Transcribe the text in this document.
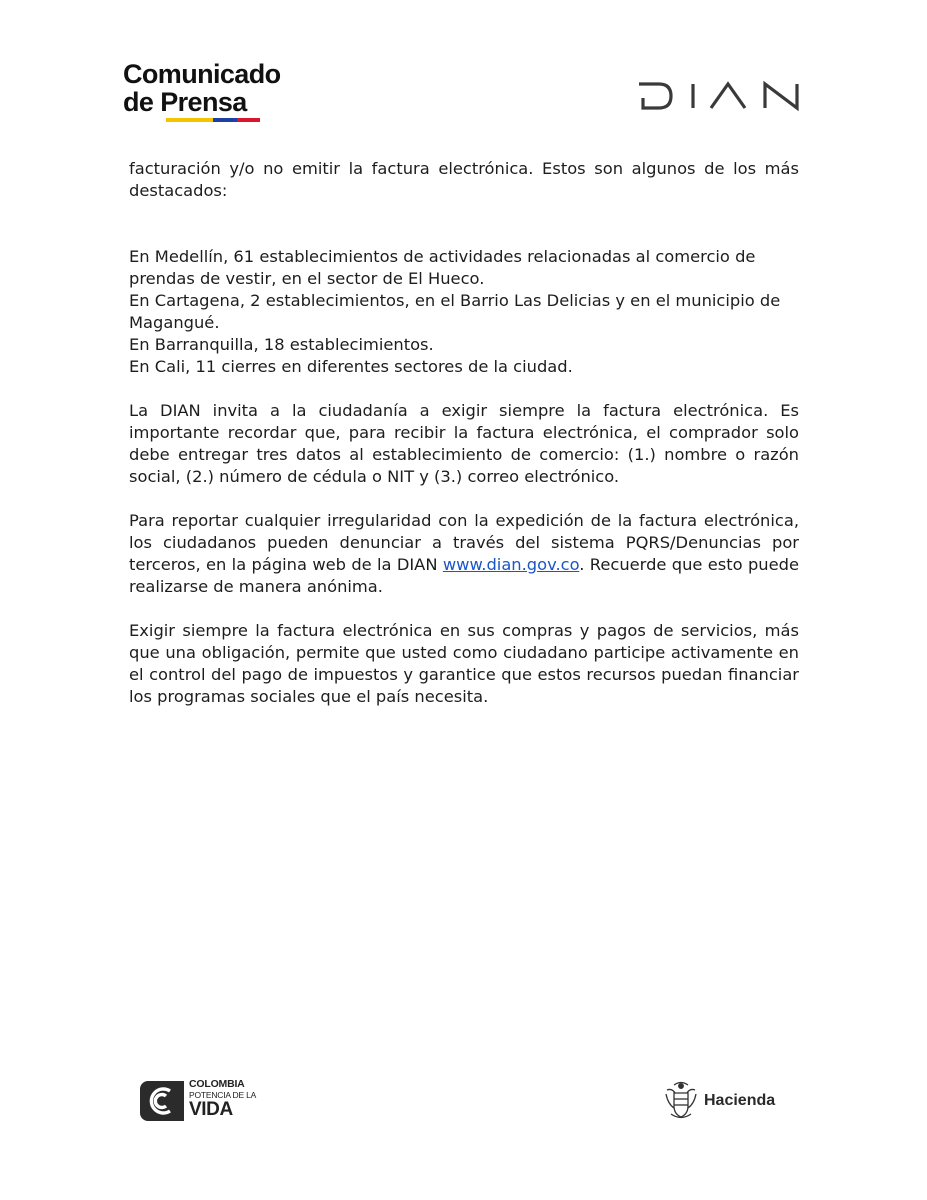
Comunicado
de Prensa

facturación y/o no emitir la factura electrónica. Estos son algunos de los más destacados:

En Medellín, 61 establecimientos de actividades relacionadas al comercio de prendas de vestir, en el sector de El Hueco.

En Cartagena, 2 establecimientos, en el Barrio Las Delicias y en el municipio de Magangué.

En Barranquilla, 18 establecimientos.

En Cali, 11 cierres en diferentes sectores de la ciudad.

La DIAN invita a la ciudadanía a exigir siempre la factura electrónica. Es importante recordar que, para recibir la factura electrónica, el comprador solo debe entregar tres datos al establecimiento de comercio: (1.) nombre o razón social, (2.) número de cédula o NIT y (3.) correo electrónico.

Para reportar cualquier irregularidad con la expedición de la factura electrónica, los ciudadanos pueden denunciar a través del sistema PQRS/Denuncias por terceros, en la página web de la DIAN www.dian.gov.co. Recuerde que esto puede realizarse de manera anónima.

Exigir siempre la factura electrónica en sus compras y pagos de servicios, más que una obligación, permite que usted como ciudadano participe activamente en el control del pago de impuestos y garantice que estos recursos puedan financiar los programas sociales que el país necesita.

COLOMBIA
POTENCIA DE LA
VIDA	Hacienda
